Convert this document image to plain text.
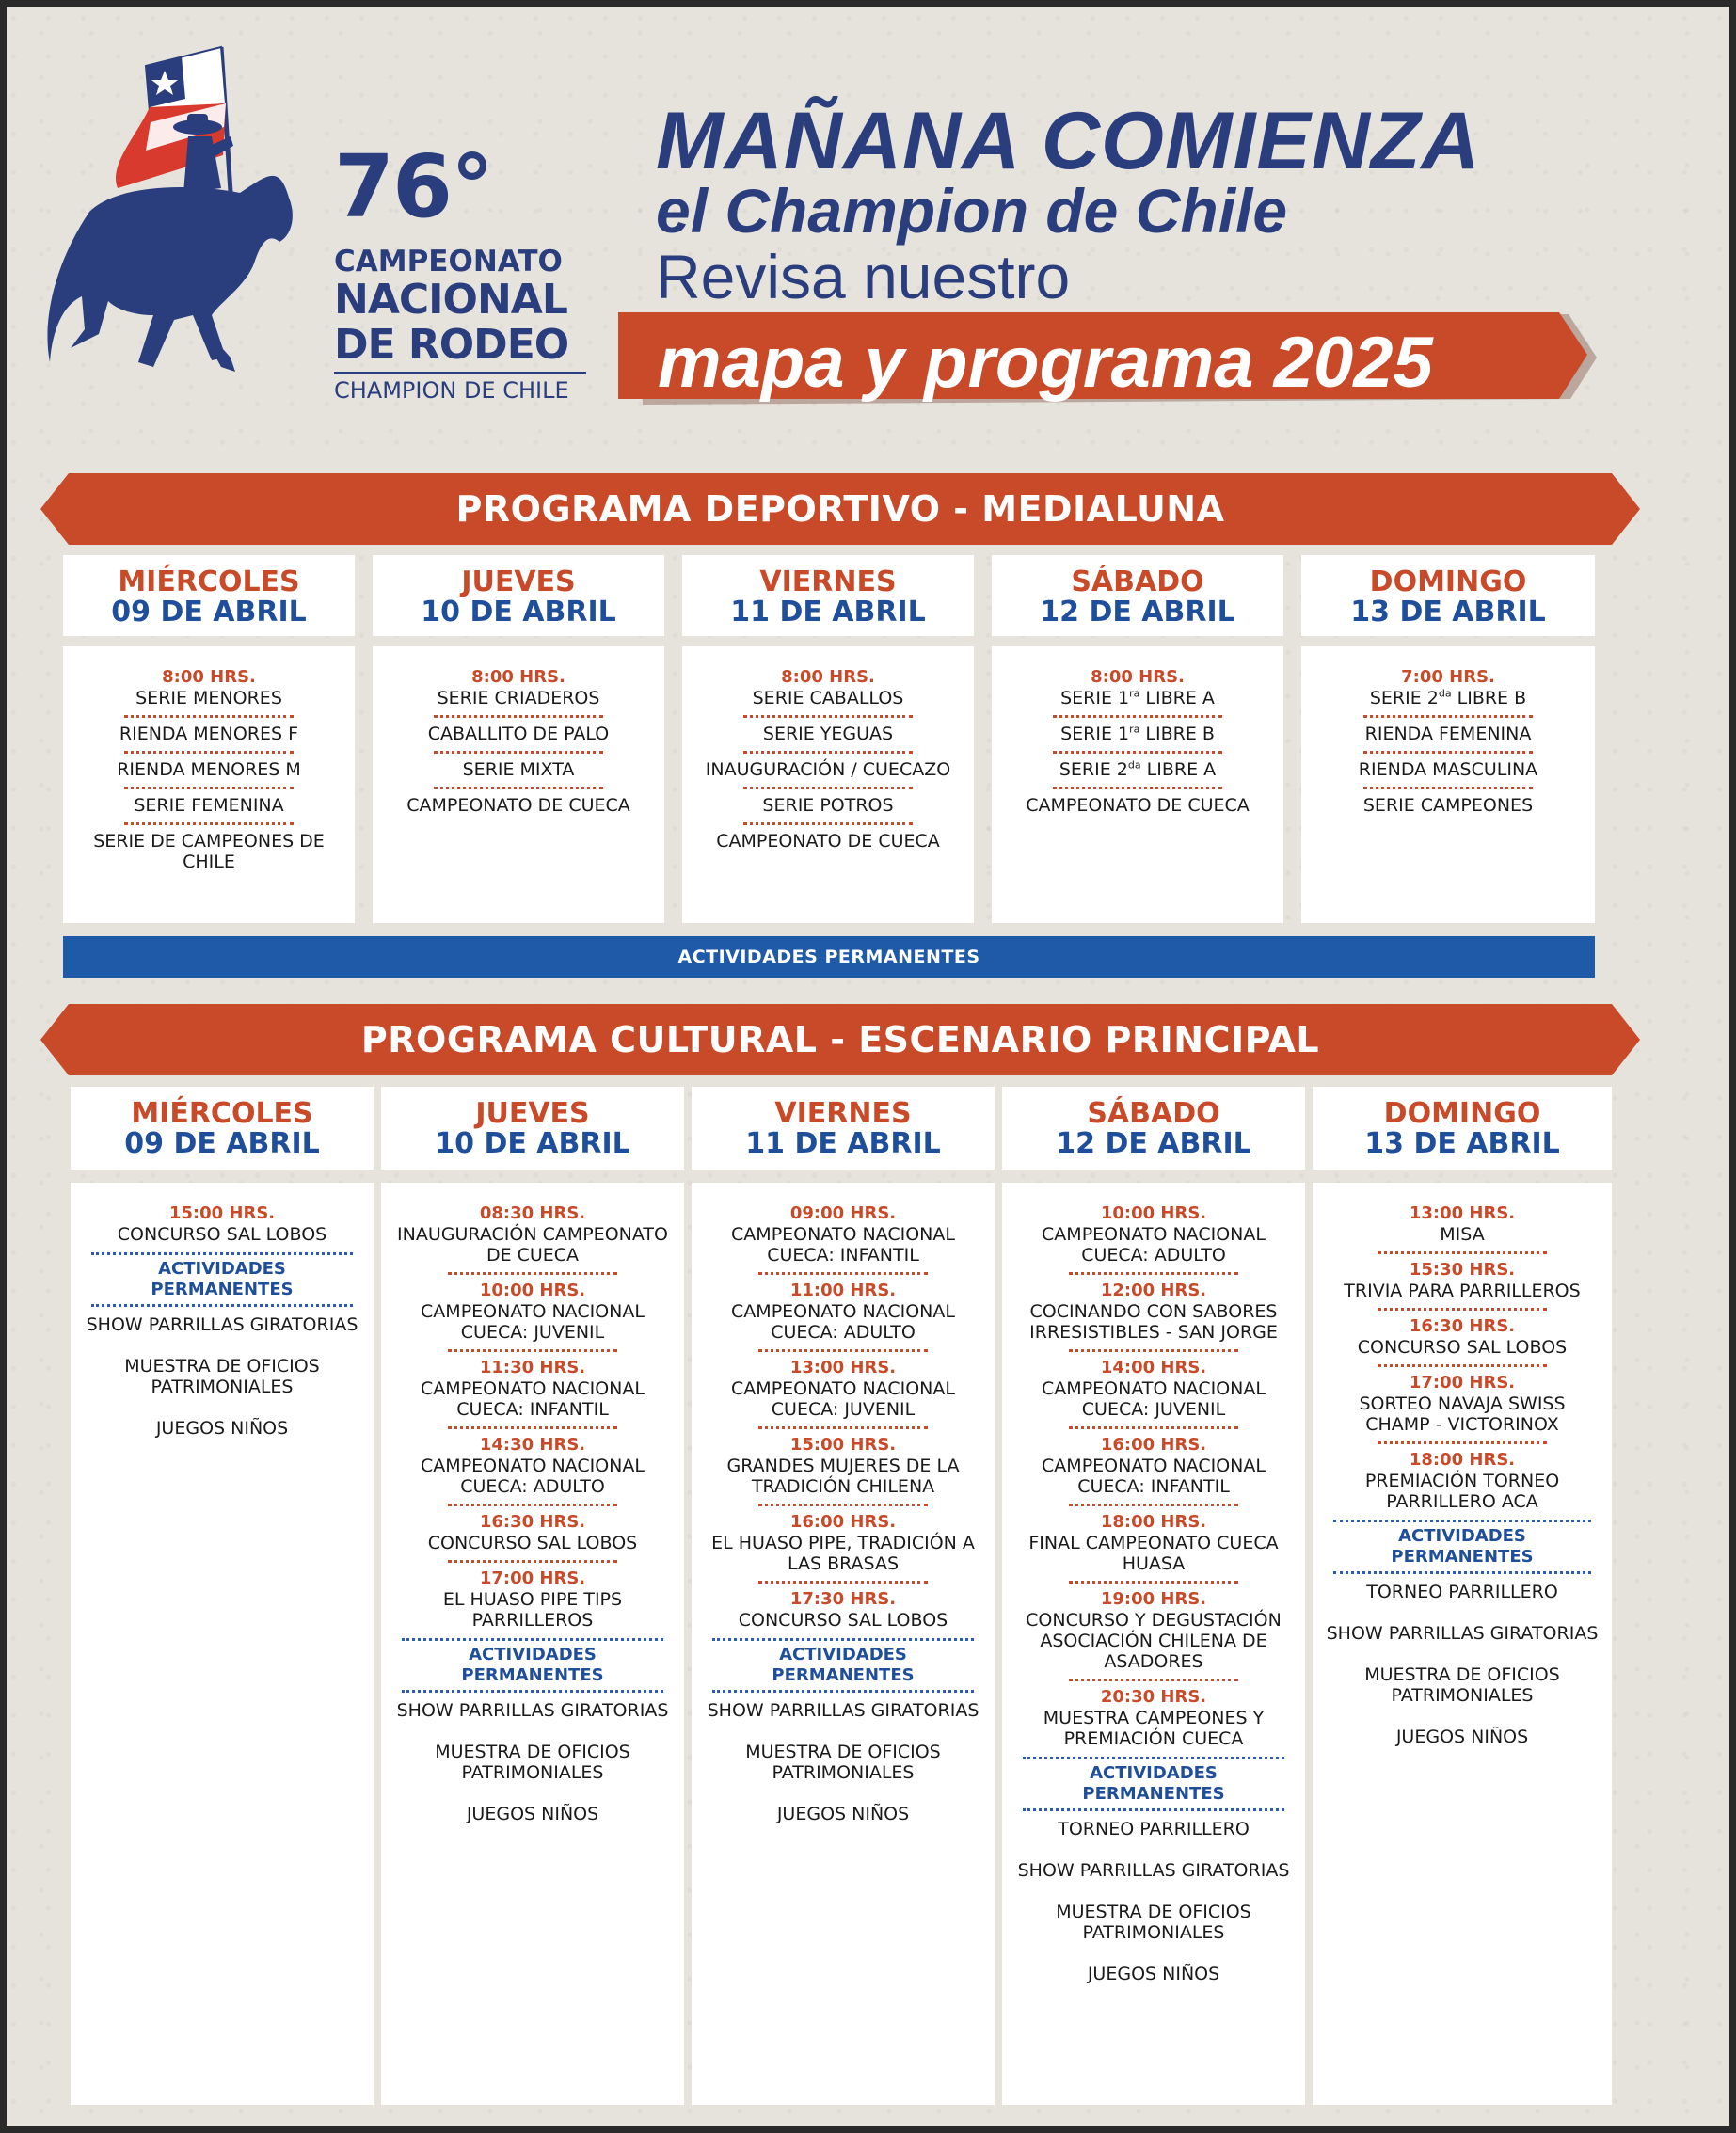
76°
CAMPEONATO
NACIONAL
DE RODEO
CHAMPION DE CHILE
MAÑANA COMIENZA
el Champion de Chile
Revisa nuestro
mapa y programa 2025
PROGRAMA DEPORTIVO - MEDIALUNA
MIÉRCOLES
09 DE ABRIL
8:00 HRS.
SERIE MENORES
RIENDA MENORES F
RIENDA MENORES M
SERIE FEMENINA
SERIE DE CAMPEONES DE CHILE
JUEVES
10 DE ABRIL
8:00 HRS.
SERIE CRIADEROS
CABALLITO DE PALO
SERIE MIXTA
CAMPEONATO DE CUECA
VIERNES
11 DE ABRIL
8:00 HRS.
SERIE CABALLOS
SERIE YEGUAS
INAUGURACIÓN / CUECAZO
SERIE POTROS
CAMPEONATO DE CUECA
SÁBADO
12 DE ABRIL
8:00 HRS.
SERIE $1^{ra}$ LIBRE A
SERIE $1^{ra}$ LIBRE B
SERIE $2^{da}$ LIBRE A
CAMPEONATO DE CUECA
DOMINGO
13 DE ABRIL
7:00 HRS.
SERIE $2^{da}$ LIBRE B
RIENDA FEMENINA
RIENDA MASCULINA
SERIE CAMPEONES
ACTIVIDADES PERMANENTES
PROGRAMA CULTURAL - ESCENARIO PRINCIPAL
MIÉRCOLES
09 DE ABRIL
15:00 HRS.
CONCURSO SAL LOBOS
ACTIVIDADES PERMANENTES
SHOW PARRILLAS GIRATORIAS
MUESTRA DE OFICIOS PATRIMONIALES
JUEGOS NIÑOS
JUEVES
10 DE ABRIL
08:30 HRS.
INAUGURACIÓN CAMPEONATO DE CUECA
10:00 HRS.
CAMPEONATO NACIONAL CUECA: JUVENIL
11:30 HRS.
CAMPEONATO NACIONAL CUECA: INFANTIL
14:30 HRS.
CAMPEONATO NACIONAL CUECA: ADULTO
16:30 HRS.
CONCURSO SAL LOBOS
17:00 HRS.
EL HUASO PIPE TIPS PARRILLEROS
ACTIVIDADES PERMANENTES
SHOW PARRILLAS GIRATORIAS
MUESTRA DE OFICIOS PATRIMONIALES
JUEGOS NIÑOS
VIERNES
11 DE ABRIL
09:00 HRS.
CAMPEONATO NACIONAL CUECA: INFANTIL
11:00 HRS.
CAMPEONATO NACIONAL CUECA: ADULTO
13:00 HRS.
CAMPEONATO NACIONAL CUECA: JUVENIL
15:00 HRS.
GRANDES MUJERES DE LA TRADICIÓN CHILENA
16:00 HRS.
EL HUASO PIPE, TRADICIÓN A LAS BRASAS
17:30 HRS.
CONCURSO SAL LOBOS
ACTIVIDADES PERMANENTES
SHOW PARRILLAS GIRATORIAS
MUESTRA DE OFICIOS PATRIMONIALES
JUEGOS NIÑOS
SÁBADO
12 DE ABRIL
10:00 HRS.
CAMPEONATO NACIONAL CUECA: ADULTO
12:00 HRS.
COCINANDO CON SABORES IRRESISTIBLES - SAN JORGE
14:00 HRS.
CAMPEONATO NACIONAL CUECA: JUVENIL
16:00 HRS.
CAMPEONATO NACIONAL CUECA: INFANTIL
18:00 HRS.
FINAL CAMPEONATO CUECA HUASA
19:00 HRS.
CONCURSO Y DEGUSTACIÓN ASOCIACIÓN CHILENA DE ASADORES
20:30 HRS.
MUESTRA CAMPEONES Y PREMIACIÓN CUECA
ACTIVIDADES PERMANENTES
TORNEO PARRILLERO
SHOW PARRILLAS GIRATORIAS
MUESTRA DE OFICIOS PATRIMONIALES
JUEGOS NIÑOS
DOMINGO
13 DE ABRIL
13:00 HRS.
MISA
15:30 HRS.
TRIVIA PARA PARRILLEROS
16:30 HRS.
CONCURSO SAL LOBOS
17:00 HRS.
SORTEO NAVAJA SWISS CHAMP - VICTORINOX
18:00 HRS.
PREMIACIÓN TORNEO PARRILLERO ACA
ACTIVIDADES PERMANENTES
TORNEO PARRILLERO
SHOW PARRILLAS GIRATORIAS
MUESTRA DE OFICIOS PATRIMONIALES
JUEGOS NIÑOS
